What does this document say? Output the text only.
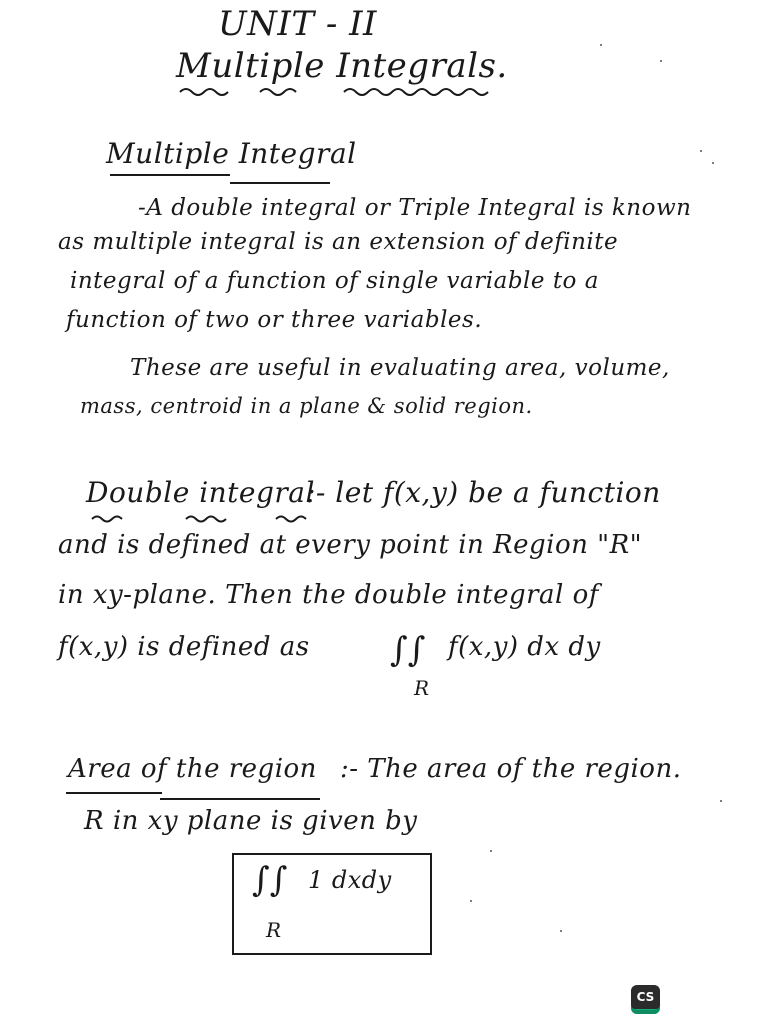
UNIT - II
Multiple Integrals.
Multiple Integral
-A double integral or Triple Integral is known
as multiple integral is an extension of definite
integral of a function of single variable to a
function of two or three variables.
These are useful in evaluating area, volume,
mass, centroid in a plane & solid region.
Double integral
:- let f(x,y) be a function
and is defined at every point in Region "R"
in xy-plane. Then the double integral of
f(x,y) is defined as ∫∫ f(x,y) dx dy
R
Area of the region :- The area of the region.
R in xy plane is given by
∫∫ 1 dxdy
R
CS
